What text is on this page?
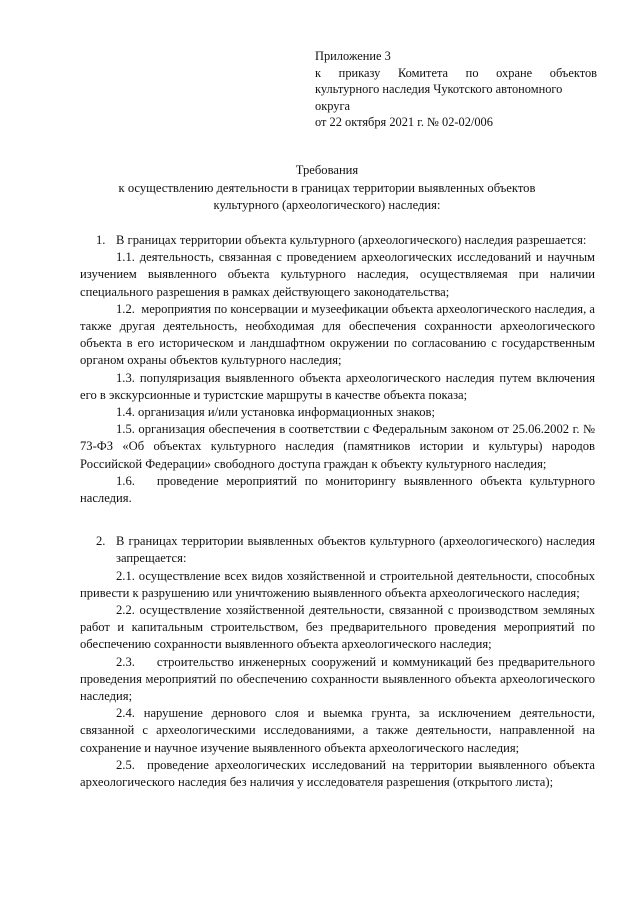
Приложение 3
к приказу Комитета по охране объектов
культурного наследия Чукотского автономного
округа
от 22 октября 2021 г. № 02-02/006
Требования
к осуществлению деятельности в границах территории выявленных объектов
культурного (археологического) наследия:
1. В границах территории объекта культурного (археологического) наследия разрешается:
1.1. деятельность, связанная с проведением археологических исследований и научным изучением выявленного объекта культурного наследия, осуществляемая при наличии специального разрешения в рамках действующего законодательства;
1.2. мероприятия по консервации и музеефикации объекта археологического наследия, а также другая деятельность, необходимая для обеспечения сохранности археологического объекта в его историческом и ландшафтном окружении по согласованию с государственным органом охраны объектов культурного наследия;
1.3. популяризация выявленного объекта археологического наследия путем включения его в экскурсионные и туристские маршруты в качестве объекта показа;
1.4. организация и/или установка информационных знаков;
1.5. организация обеспечения в соответствии с Федеральным законом от 25.06.2002 г. № 73-ФЗ «Об объектах культурного наследия (памятников истории и культуры) народов Российской Федерации» свободного доступа граждан к объекту культурного наследия;
1.6. проведение мероприятий по мониторингу выявленного объекта культурного наследия.
2. В границах территории выявленных объектов культурного (археологического) наследия запрещается:
2.1. осуществление всех видов хозяйственной и строительной деятельности, способных привести к разрушению или уничтожению выявленного объекта археологического наследия;
2.2. осуществление хозяйственной деятельности, связанной с производством земляных работ и капитальным строительством, без предварительного проведения мероприятий по обеспечению сохранности выявленного объекта археологического наследия;
2.3. строительство инженерных сооружений и коммуникаций без предварительного проведения мероприятий по обеспечению сохранности выявленного объекта археологического наследия;
2.4. нарушение дернового слоя и выемка грунта, за исключением деятельности, связанной с археологическими исследованиями, а также деятельности, направленной на сохранение и научное изучение выявленного объекта археологического наследия;
2.5. проведение археологических исследований на территории выявленного объекта археологического наследия без наличия у исследователя разрешения (открытого листа);
